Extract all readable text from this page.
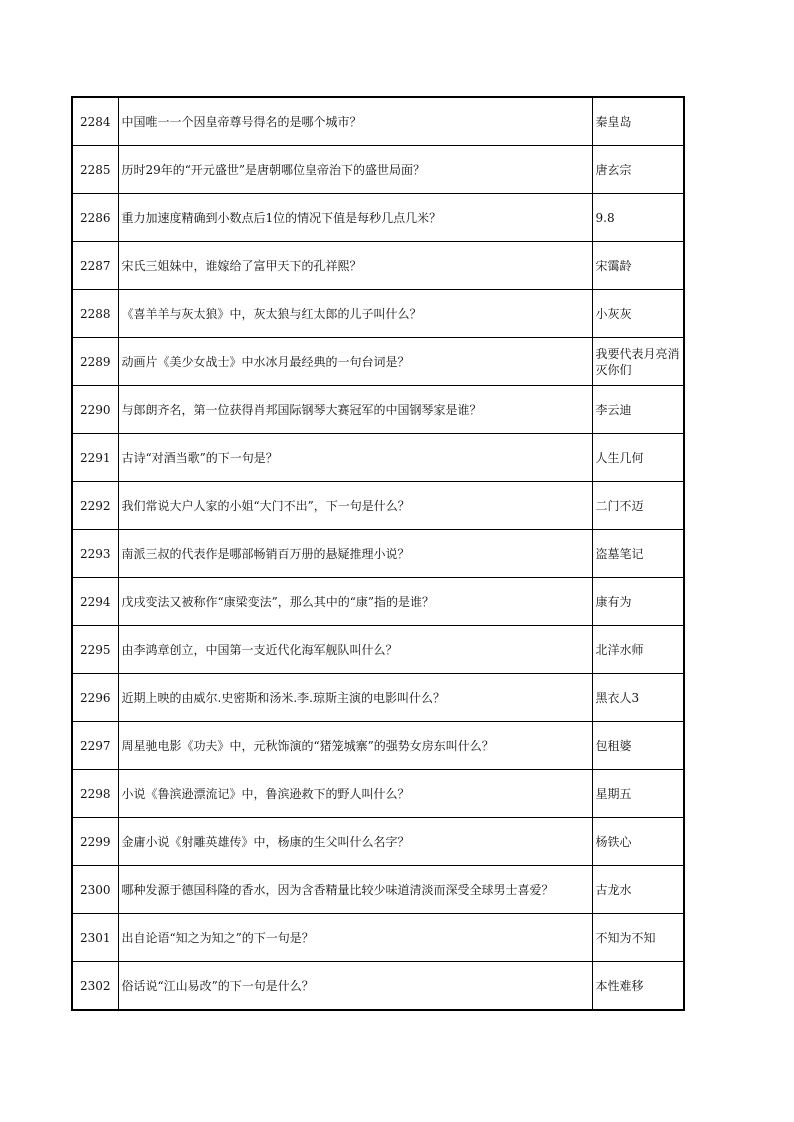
2284	中国唯一一个因皇帝尊号得名的是哪个城市？	秦皇岛
2285	历时29年的“开元盛世”是唐朝哪位皇帝治下的盛世局面？	唐玄宗
2286	重力加速度精确到小数点后1位的情况下值是每秒几点几米？	9.8
2287	宋氏三姐妹中，谁嫁给了富甲天下的孔祥熙？	宋霭龄
2288	《喜羊羊与灰太狼》中，灰太狼与红太郎的儿子叫什么？	小灰灰
2289	动画片《美少女战士》中水冰月最经典的一句台词是？	我要代表月亮消灭你们
2290	与郎朗齐名，第一位获得肖邦国际钢琴大赛冠军的中国钢琴家是谁？	李云迪
2291	古诗“对酒当歌”的下一句是？	人生几何
2292	我们常说大户人家的小姐“大门不出”，下一句是什么？	二门不迈
2293	南派三叔的代表作是哪部畅销百万册的悬疑推理小说？	盗墓笔记
2294	戊戌变法又被称作“康梁变法”，那么其中的“康”指的是谁？	康有为
2295	由李鸿章创立，中国第一支近代化海军舰队叫什么？	北洋水师
2296	近期上映的由威尔.史密斯和汤米.李.琼斯主演的电影叫什么？	黑衣人3
2297	周星驰电影《功夫》中，元秋饰演的“猪笼城寨”的强势女房东叫什么？	包租婆
2298	小说《鲁滨逊漂流记》中，鲁滨逊救下的野人叫什么？	星期五
2299	金庸小说《射雕英雄传》中，杨康的生父叫什么名字？	杨铁心
2300	哪种发源于德国科隆的香水，因为含香精量比较少味道清淡而深受全球男士喜爱？	古龙水
2301	出自论语“知之为知之”的下一句是？	不知为不知
2302	俗话说“江山易改”的下一句是什么？	本性难移
